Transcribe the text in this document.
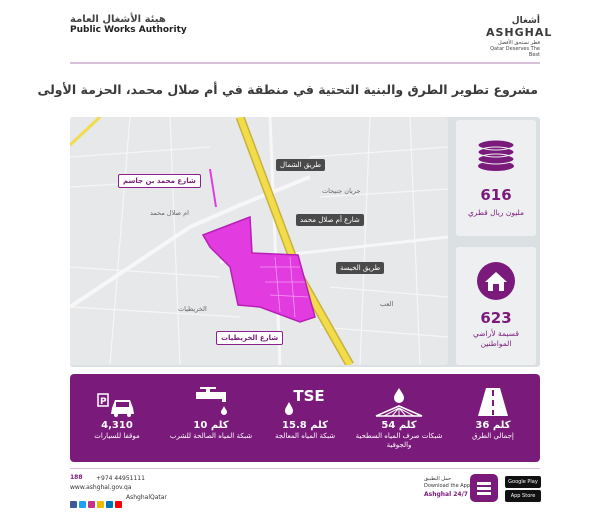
هيئة الأشغال العامة
Public Works Authority
أشغال
ASHGHAL
قطر تستحق الأفضل Qatar Deserves The Best
مشروع تطوير الطرق والبنية التحتية في منطقة في أم صلال محمد، الحزمة الأولى
جريان جنيحات
ام صلال محمد
الخريطيات
العب
طريق الشمال
شارع محمد بن جاسم
شارع أم صلال محمد
طريق الخيسة
شارع الخريطيات
616
مليون ريال قطري
623
قسيمة لأراضي المواطنين
36 كلم
إجمالي الطرق
54 كلم
شبكات صرف المياه السطحية والجوفية
TSE
15.8 كلم
شبكة المياه المعالجة
10 كلم
شبكة المياه الصالحة للشرب
P
4,310
موقفا للسيارات
188 +974 44951111
www.ashghal.gov.qa
AshghalQatar
حمل التطبيق
Download the App
Ashghal 24/7
Google Play
App Store
